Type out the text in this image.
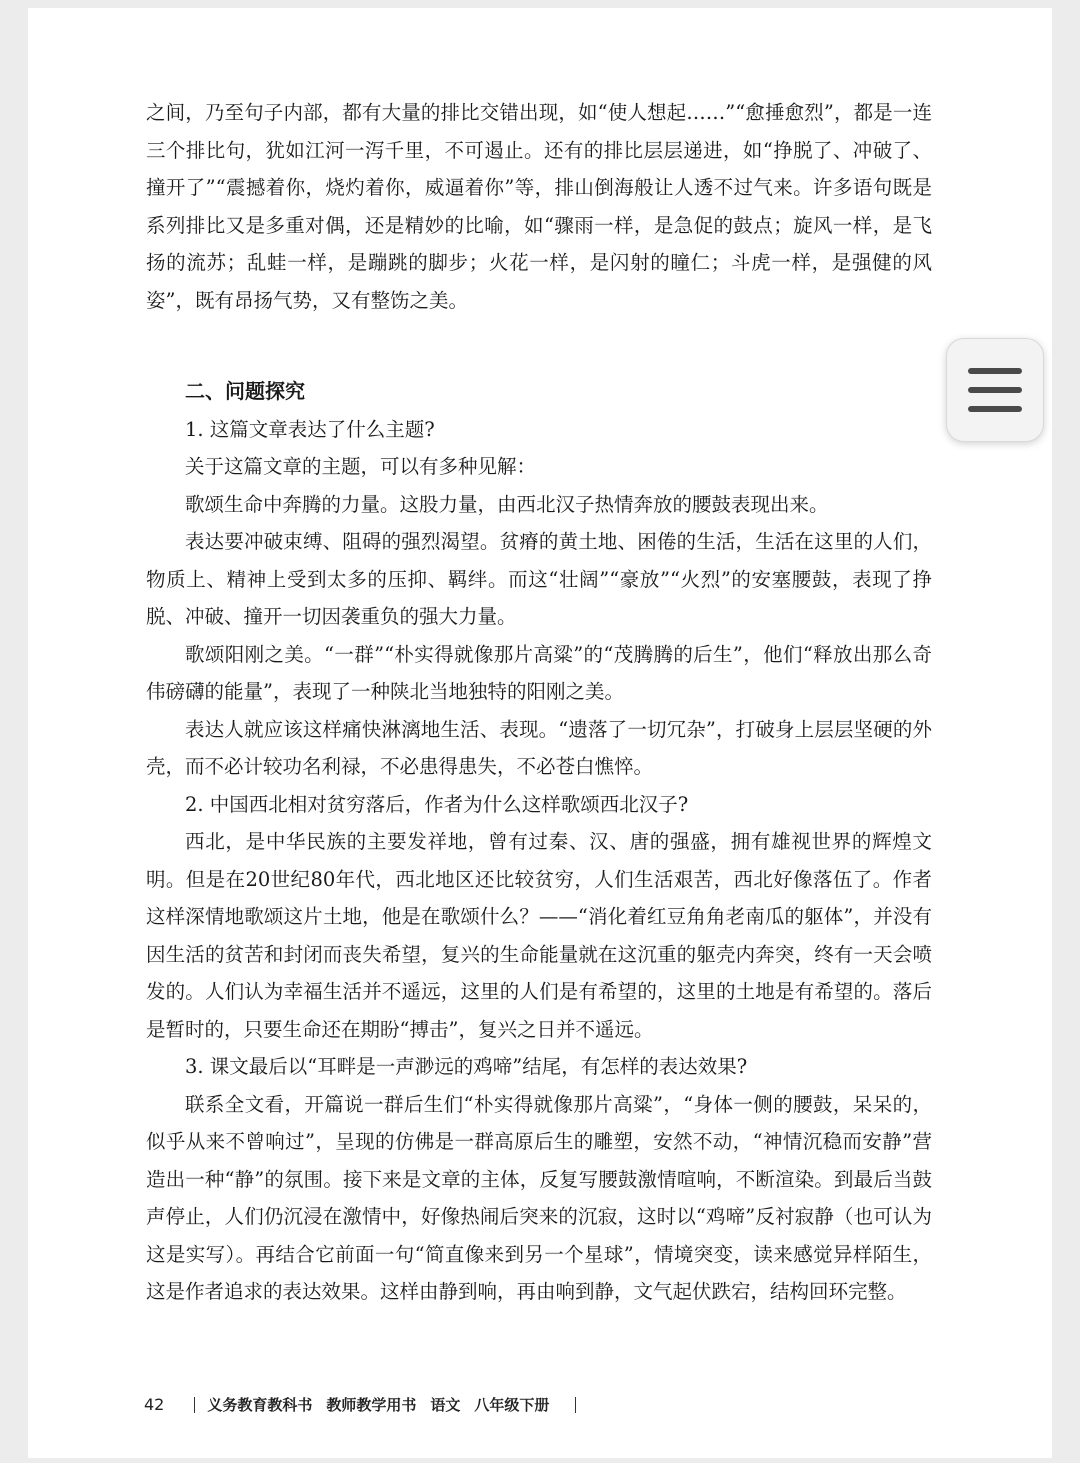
之间，乃至句子内部，都有大量的排比交错出现，如“使人想起……”“愈捶愈烈”，都是一连三个排比句，犹如江河一泻千里，不可遏止。还有的排比层层递进，如“挣脱了、冲破了、撞开了”“震撼着你，烧灼着你，威逼着你”等，排山倒海般让人透不过气来。许多语句既是系列排比又是多重对偶，还是精妙的比喻，如“骤雨一样，是急促的鼓点；旋风一样，是飞扬的流苏；乱蛙一样，是蹦跳的脚步；火花一样，是闪射的瞳仁；斗虎一样，是强健的风姿”，既有昂扬气势，又有整饬之美。

二、问题探究

1. 这篇文章表达了什么主题?

关于这篇文章的主题，可以有多种见解：

歌颂生命中奔腾的力量。这股力量，由西北汉子热情奔放的腰鼓表现出来。

表达要冲破束缚、阻碍的强烈渴望。贫瘠的黄土地、困倦的生活，生活在这里的人们，物质上、精神上受到太多的压抑、羁绊。而这“壮阔”“豪放”“火烈”的安塞腰鼓，表现了挣脱、冲破、撞开一切因袭重负的强大力量。

歌颂阳刚之美。“一群”“朴实得就像那片高粱”的“茂腾腾的后生”，他们“释放出那么奇伟磅礴的能量”，表现了一种陕北当地独特的阳刚之美。

表达人就应该这样痛快淋漓地生活、表现。“遗落了一切冗杂”，打破身上层层坚硬的外壳，而不必计较功名利禄，不必患得患失，不必苍白憔悴。

2. 中国西北相对贫穷落后，作者为什么这样歌颂西北汉子?

西北，是中华民族的主要发祥地，曾有过秦、汉、唐的强盛，拥有雄视世界的辉煌文明。但是在20世纪80年代，西北地区还比较贫穷，人们生活艰苦，西北好像落伍了。作者这样深情地歌颂这片土地，他是在歌颂什么？——“消化着红豆角角老南瓜的躯体”，并没有因生活的贫苦和封闭而丧失希望，复兴的生命能量就在这沉重的躯壳内奔突，终有一天会喷发的。人们认为幸福生活并不遥远，这里的人们是有希望的，这里的土地是有希望的。落后是暂时的，只要生命还在期盼“搏击”，复兴之日并不遥远。

3. 课文最后以“耳畔是一声渺远的鸡啼”结尾，有怎样的表达效果?

联系全文看，开篇说一群后生们“朴实得就像那片高粱”，“身体一侧的腰鼓，呆呆的，似乎从来不曾响过”，呈现的仿佛是一群高原后生的雕塑，安然不动，“神情沉稳而安静”营造出一种“静”的氛围。接下来是文章的主体，反复写腰鼓激情喧响，不断渲染。到最后当鼓声停止，人们仍沉浸在激情中，好像热闹后突来的沉寂，这时以“鸡啼”反衬寂静（也可认为这是实写）。再结合它前面一句“简直像来到另一个星球”，情境突变，读来感觉异样陌生，这是作者追求的表达效果。这样由静到响，再由响到静，文气起伏跌宕，结构回环完整。

42	义务教育教科书 教师教学用书 语文 八年级下册
